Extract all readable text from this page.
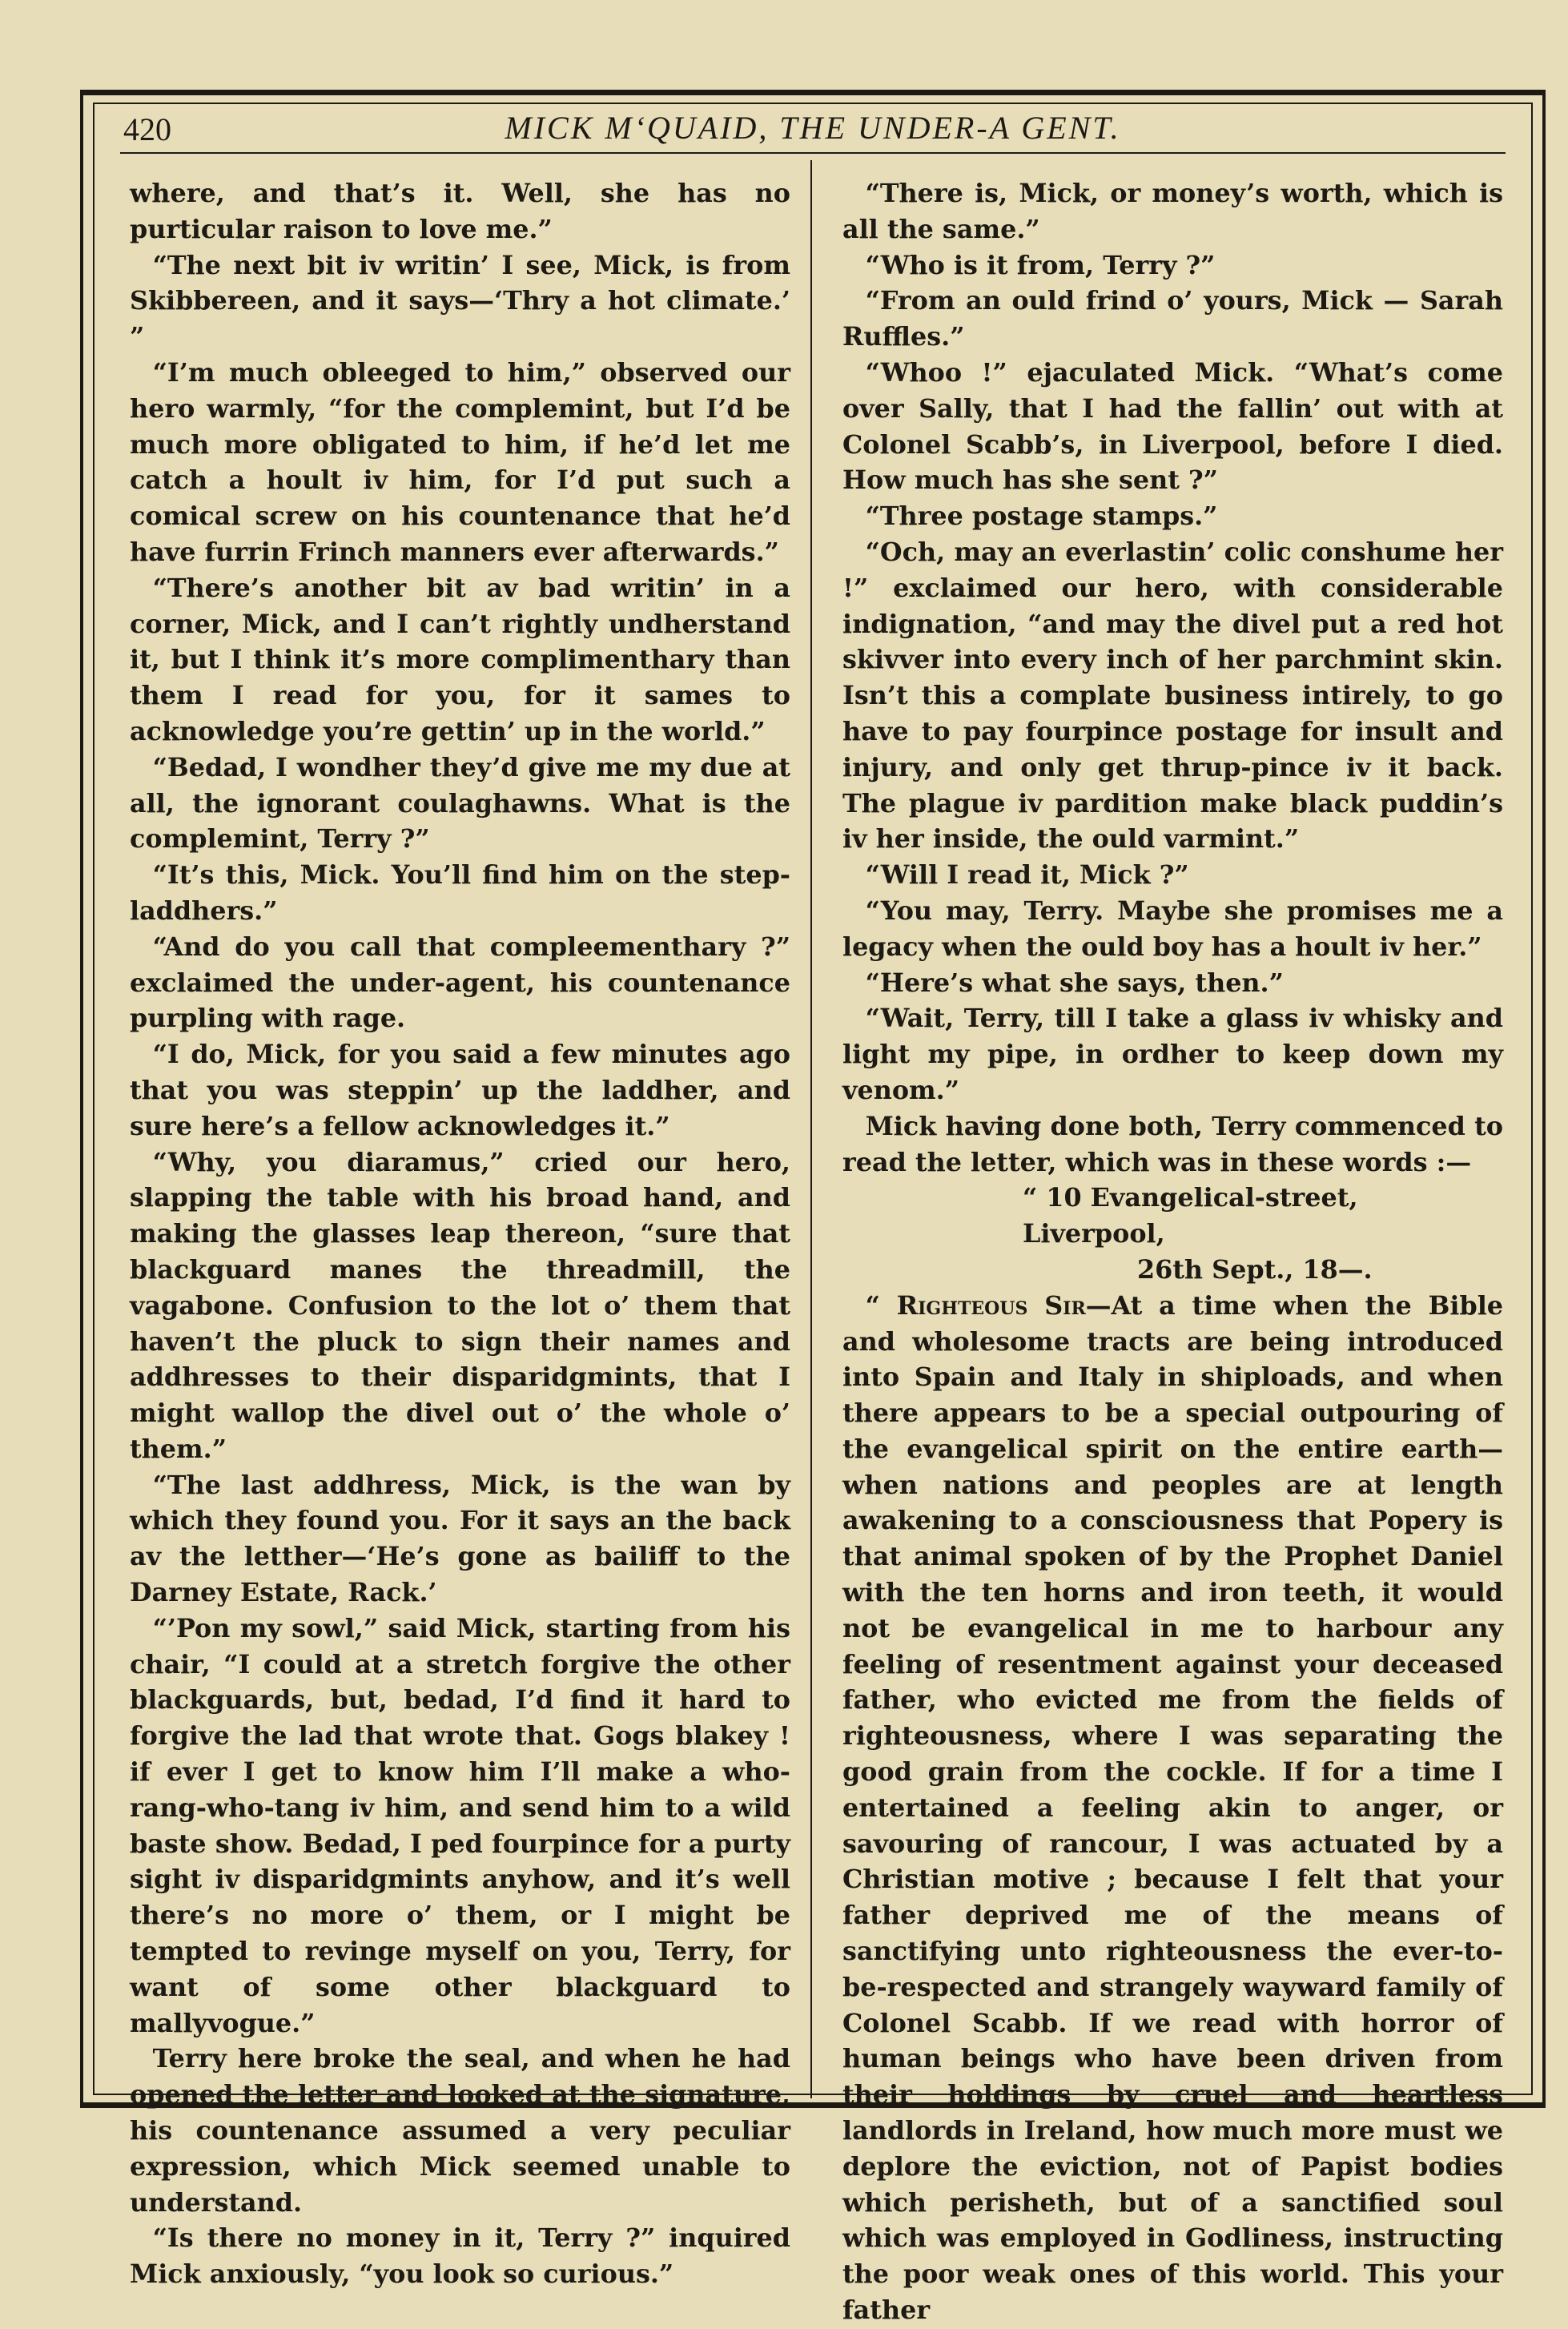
420	MICK M‘QUAID, THE UNDER-A GENT.

where, and that’s it. Well, she has no purticular raison to love me.”

“The next bit iv writin’ I see, Mick, is from Skibbereen, and it says—‘Thry a hot climate.’ ”

“I’m much obleeged to him,” observed our hero warmly, “for the complemint, but I’d be much more obligated to him, if he’d let me catch a hoult iv him, for I’d put such a comical screw on his countenance that he’d have furrin Frinch manners ever afterwards.”

“There’s another bit av bad writin’ in a corner, Mick, and I can’t rightly undherstand it, but I think it’s more complimenthary than them I read for you, for it sames to acknowledge you’re gettin’ up in the world.”

“Bedad, I wondher they’d give me my due at all, the ignorant coulaghawns. What is the complemint, Terry ?”

“It’s this, Mick. You’ll find him on the step-laddhers.”

“And do you call that compleementhary ?” exclaimed the under-agent, his countenance purpling with rage.

“I do, Mick, for you said a few minutes ago that you was steppin’ up the laddher, and sure here’s a fellow acknowledges it.”

“Why, you diaramus,” cried our hero, slapping the table with his broad hand, and making the glasses leap thereon, “sure that blackguard manes the threadmill, the vagabone. Confusion to the lot o’ them that haven’t the pluck to sign their names and addhresses to their disparidgmints, that I might wallop the divel out o’ the whole o’ them.”

“The last addhress, Mick, is the wan by which they found you. For it says an the back av the letther—‘He’s gone as bailiff to the Darney Estate, Rack.’

“’Pon my sowl,” said Mick, starting from his chair, “I could at a stretch forgive the other blackguards, but, bedad, I’d find it hard to forgive the lad that wrote that. Gogs blakey ! if ever I get to know him I’ll make a who-rang-who-tang iv him, and send him to a wild baste show. Bedad, I ped fourpince for a purty sight iv disparidgmints anyhow, and it’s well there’s no more o’ them, or I might be tempted to revinge myself on you, Terry, for want of some other blackguard to mallyvogue.”

Terry here broke the seal, and when he had opened the letter and looked at the signature, his countenance assumed a very peculiar expression, which Mick seemed unable to understand.

“Is there no money in it, Terry ?” inquired Mick anxiously, “you look so curious.”

“There is, Mick, or money’s worth, which is all the same.”

“Who is it from, Terry ?”

“From an ould frind o’ yours, Mick — Sarah Ruffles.”

“Whoo !” ejaculated Mick. “What’s come over Sally, that I had the fallin’ out with at Colonel Scabb’s, in Liverpool, before I died. How much has she sent ?”

“Three postage stamps.”

“Och, may an everlastin’ colic conshume her !” exclaimed our hero, with considerable indignation, “and may the divel put a red hot skivver into every inch of her parchmint skin. Isn’t this a complate business intirely, to go have to pay fourpince postage for insult and injury, and only get thrup-pince iv it back. The plague iv pardition make black puddin’s iv her inside, the ould varmint.”

“Will I read it, Mick ?”

“You may, Terry. Maybe she promises me a legacy when the ould boy has a hoult iv her.”

“Here’s what she says, then.”

“Wait, Terry, till I take a glass iv whisky and light my pipe, in ordher to keep down my venom.”

Mick having done both, Terry commenced to read the letter, which was in these words :—

“ 10 Evangelical-street, Liverpool,

26th Sept., 18—.

“ Righteous Sir—At a time when the Bible and wholesome tracts are being introduced into Spain and Italy in shiploads, and when there appears to be a special outpouring of the evangelical spirit on the entire earth—when nations and peoples are at length awakening to a consciousness that Popery is that animal spoken of by the Prophet Daniel with the ten horns and iron teeth, it would not be evangelical in me to harbour any feeling of resentment against your deceased father, who evicted me from the fields of righteousness, where I was separating the good grain from the cockle. If for a time I entertained a feeling akin to anger, or savouring of rancour, I was actuated by a Christian motive ; because I felt that your father deprived me of the means of sanctifying unto righteousness the ever-to-be-respected and strangely wayward family of Colonel Scabb. If we read with horror of human beings who have been driven from their holdings by cruel and heartless landlords in Ireland, how much more must we deplore the eviction, not of Papist bodies which perisheth, but of a sanctified soul which was employed in Godliness, instructing the poor weak ones of this world. This your father
